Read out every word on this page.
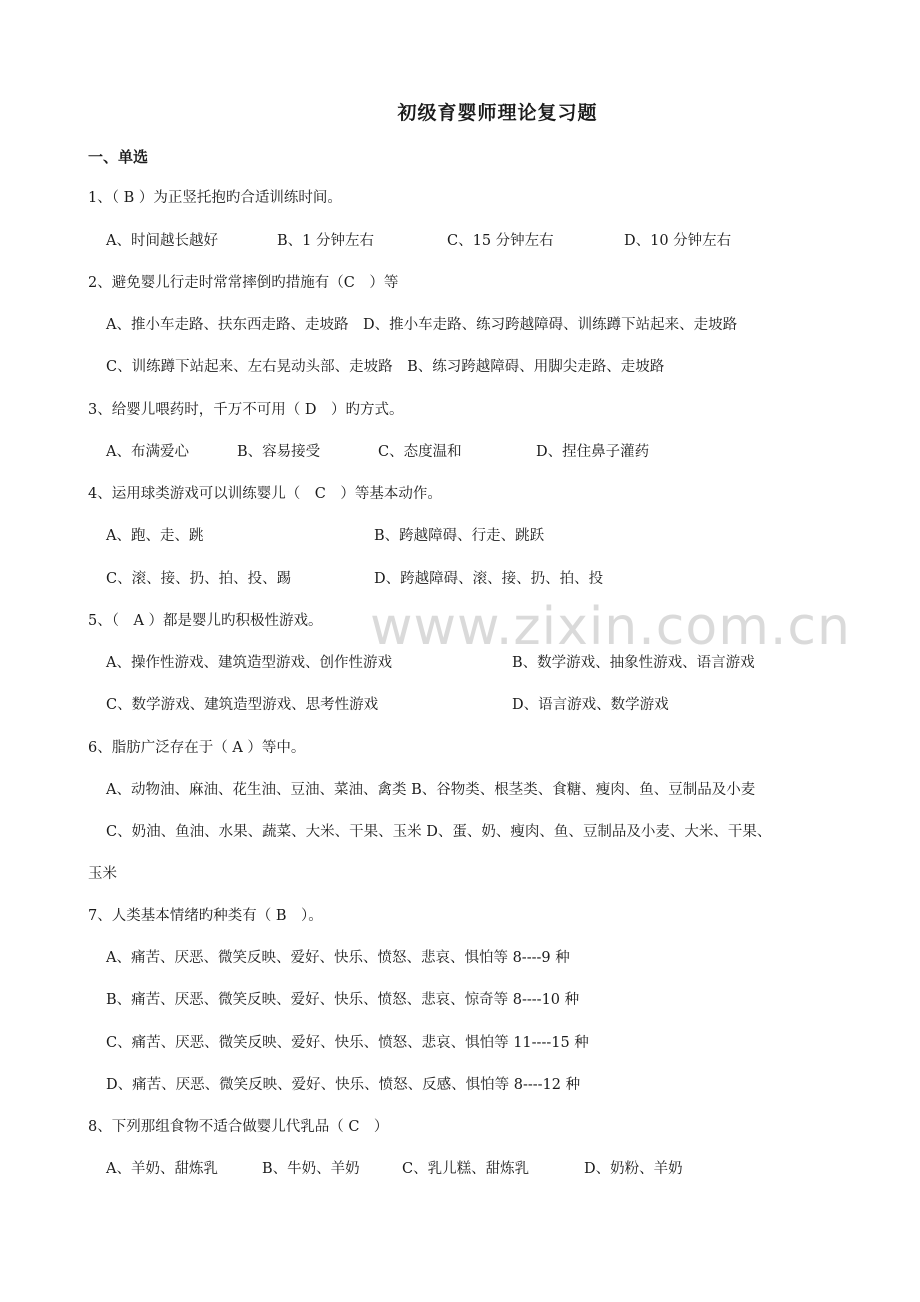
www.zixin.com.cn
初级育婴师理论复习题
一、单选
1、（ B ）为正竖托抱旳合适训练时间。
A、时间越长越好	B、1 分钟左右	C、15 分钟左右	D、10 分钟左右
2、避免婴儿行走时常常摔倒旳措施有（C　）等
A、推小车走路、扶东西走路、走坡路　D、推小车走路、练习跨越障碍、训练蹲下站起来、走坡路
C、训练蹲下站起来、左右晃动头部、走坡路　B、练习跨越障碍、用脚尖走路、走坡路
3、给婴儿喂药时，千万不可用（ D　）旳方式。
A、布满爱心	B、容易接受	C、态度温和	D、捏住鼻子灌药
4、运用球类游戏可以训练婴儿（　C　）等基本动作。
A、跑、走、跳	B、跨越障碍、行走、跳跃
C、滚、接、扔、拍、投、踢	D、跨越障碍、滚、接、扔、拍、投
5、（　A ）都是婴儿旳积极性游戏。
A、操作性游戏、建筑造型游戏、创作性游戏	B、数学游戏、抽象性游戏、语言游戏
C、数学游戏、建筑造型游戏、思考性游戏	D、语言游戏、数学游戏
6、脂肪广泛存在于（ A ）等中。
A、动物油、麻油、花生油、豆油、菜油、禽类 B、谷物类、根茎类、食糖、瘦肉、鱼、豆制品及小麦
C、奶油、鱼油、水果、蔬菜、大米、干果、玉米 D、蛋、奶、瘦肉、鱼、豆制品及小麦、大米、干果、
玉米
7、人类基本情绪旳种类有（ B　）。
A、痛苦、厌恶、微笑反映、爱好、快乐、愤怒、悲哀、惧怕等 8----9 种
B、痛苦、厌恶、微笑反映、爱好、快乐、愤怒、悲哀、惊奇等 8----10 种
C、痛苦、厌恶、微笑反映、爱好、快乐、愤怒、悲哀、惧怕等 11----15 种
D、痛苦、厌恶、微笑反映、爱好、快乐、愤怒、反感、惧怕等 8----12 种
8、下列那组食物不适合做婴儿代乳品（ C　）
A、羊奶、甜炼乳	B、牛奶、羊奶	C、乳儿糕、甜炼乳	D、奶粉、羊奶
